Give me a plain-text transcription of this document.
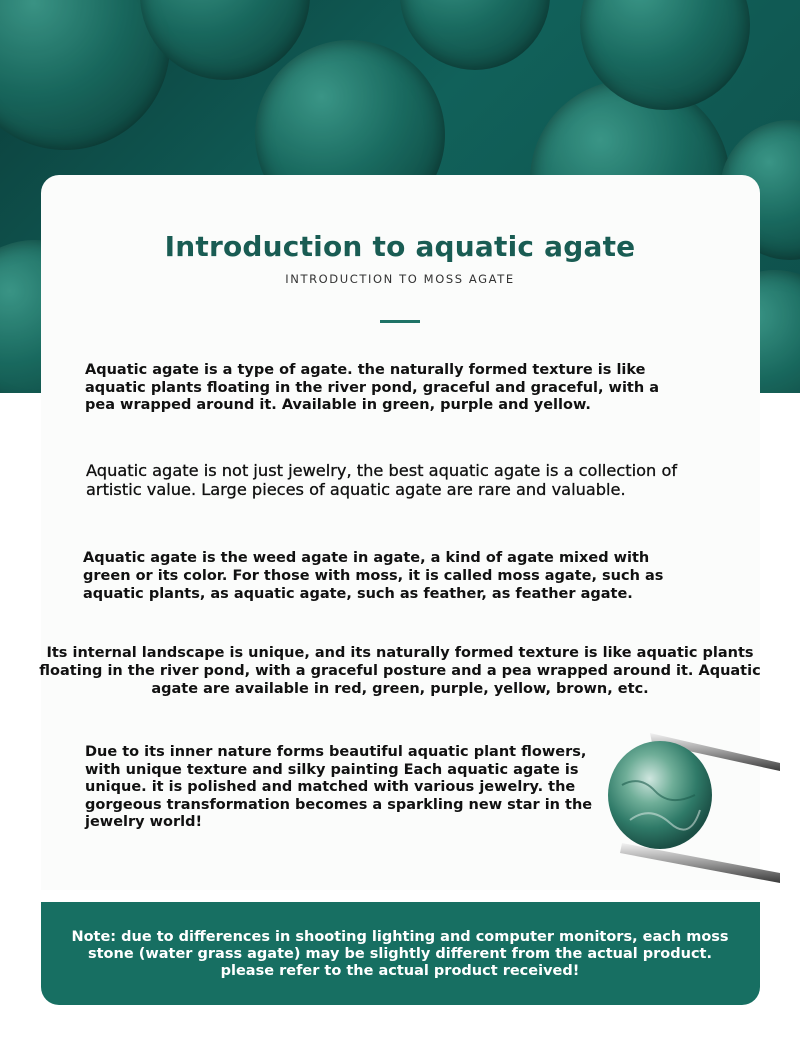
Introduction to aquatic agate
INTRODUCTION TO MOSS AGATE
Aquatic agate is a type of agate. the naturally formed texture is like aquatic plants floating in the river pond, graceful and graceful, with a pea wrapped around it. Available in green, purple and yellow.
Aquatic agate is not just jewelry, the best aquatic agate is a collection of artistic value. Large pieces of aquatic agate are rare and valuable.
Aquatic agate is the weed agate in agate, a kind of agate mixed with green or its color. For those with moss, it is called moss agate, such as aquatic plants, as aquatic agate, such as feather, as feather agate.
Its internal landscape is unique, and its naturally formed texture is like aquatic plants floating in the river pond, with a graceful posture and a pea wrapped around it. Aquatic agate are available in red, green, purple, yellow, brown, etc.
Due to its inner nature forms beautiful aquatic plant flowers, with unique texture and silky painting Each aquatic agate is unique. it is polished and matched with various jewelry. the gorgeous transformation becomes a sparkling new star in the jewelry world!
Note: due to differences in shooting lighting and computer monitors, each moss stone (water grass agate) may be slightly different from the actual product. please refer to the actual product received!
